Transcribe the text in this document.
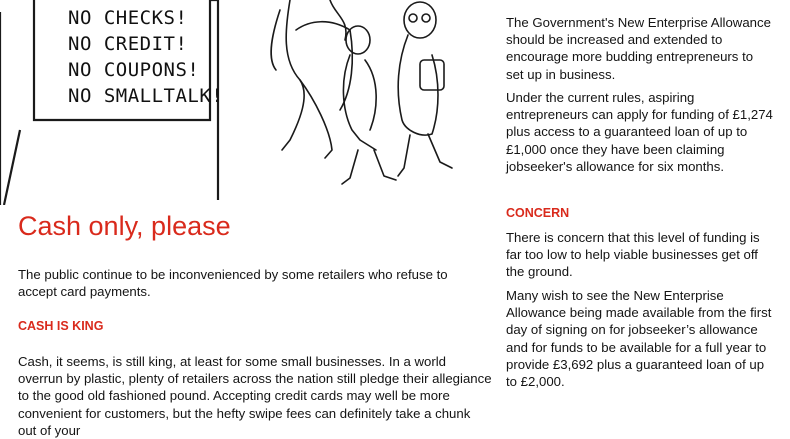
NO CHECKS!
NO CREDIT!
NO COUPONS!
NO SMALLTALK!
Cash only, please

The public continue to be inconvenienced by some retailers who refuse to accept card payments.

CASH IS KING

Cash, it seems, is still king, at least for some small businesses. In a world overrun by plastic, plenty of retailers across the nation still pledge their allegiance to the good old fashioned pound. Accepting credit cards may well be more convenient for customers, but the hefty swipe fees can definitely take a chunk out of your

The Government's New Enterprise Allowance should be increased and extended to encourage more budding entrepreneurs to set up in business.

Under the current rules, aspiring entrepreneurs can apply for funding of £1,274 plus access to a guaranteed loan of up to £1,000 once they have been claiming jobseeker's allowance for six months.

CONCERN

There is concern that this level of funding is far too low to help viable businesses get off the ground.

Many wish to see the New Enterprise Allowance being made available from the first day of signing on for jobseeker’s allowance and for funds to be available for a full year to provide £3,692 plus a guaranteed loan of up to £2,000.
